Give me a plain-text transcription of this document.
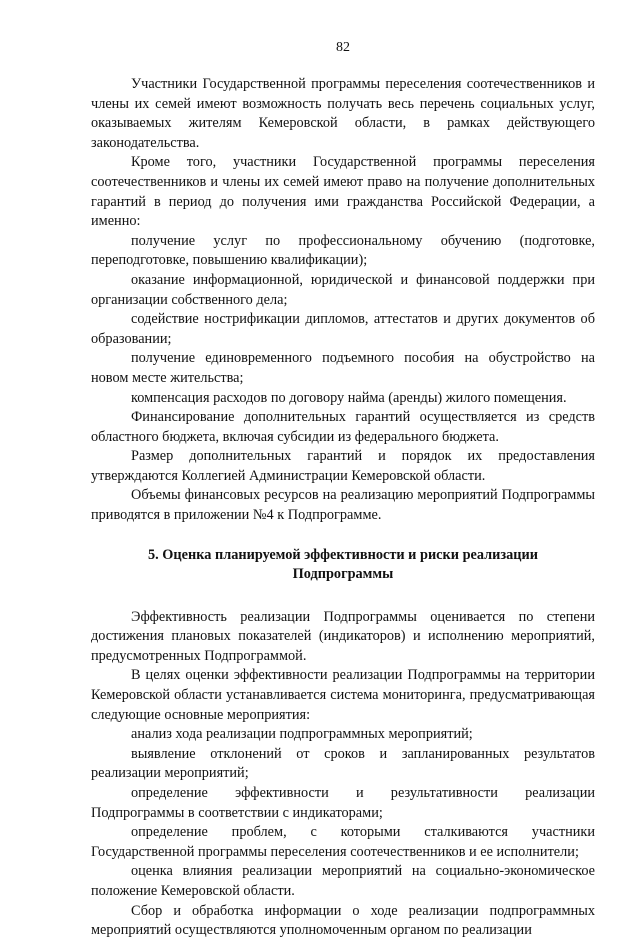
82

Участники Государственной программы переселения соотечественников и члены их семей имеют возможность получать весь перечень социальных услуг, оказываемых жителям Кемеровской области, в рамках действующего законодательства.

Кроме того, участники Государственной программы переселения соотечественников и члены их семей имеют право на получение дополнительных гарантий в период до получения ими гражданства Российской Федерации, а именно:

получение услуг по профессиональному обучению (подготовке, переподготовке, повышению квалификации);

оказание информационной, юридической и финансовой поддержки при организации собственного дела;

содействие нострификации дипломов, аттестатов и других документов об образовании;

получение единовременного подъемного пособия на обустройство на новом месте жительства;

компенсация расходов по договору найма (аренды) жилого помещения.

Финансирование дополнительных гарантий осуществляется из средств областного бюджета, включая субсидии из федерального бюджета.

Размер дополнительных гарантий и порядок их предоставления утверждаются Коллегией Администрации Кемеровской области.

Объемы финансовых ресурсов на реализацию мероприятий Подпрограммы приводятся в приложении №4 к Подпрограмме.

5. Оценка планируемой эффективности и риски реализации
Подпрограммы

Эффективность реализации Подпрограммы оценивается по степени достижения плановых показателей (индикаторов) и исполнению мероприятий, предусмотренных Подпрограммой.

В целях оценки эффективности реализации Подпрограммы на территории Кемеровской области устанавливается система мониторинга, предусматривающая следующие основные мероприятия:

анализ хода реализации подпрограммных мероприятий;

выявление отклонений от сроков и запланированных результатов реализации мероприятий;

определение эффективности и результативности реализации Подпрограммы в соответствии с индикаторами;

определение проблем, с которыми сталкиваются участники Государственной программы переселения соотечественников и ее исполнители;

оценка влияния реализации мероприятий на социально-экономическое положение Кемеровской области.

Сбор и обработка информации о ходе реализации подпрограммных мероприятий осуществляются уполномоченным органом по реализации
